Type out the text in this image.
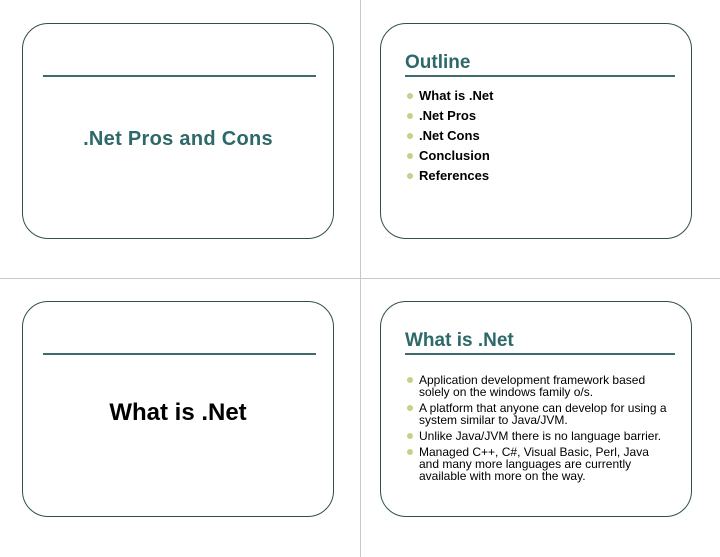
.Net Pros and Cons
Outline
What is .Net
.Net Pros
.Net Cons
Conclusion
References
What is .Net
What is .Net
Application development framework based solely on the windows family o/s.
A platform that anyone can develop for using a system similar to Java/JVM.
Unlike Java/JVM there is no language barrier.
Managed C++, C#, Visual Basic, Perl, Java and many more languages are currently available with more on the way.
